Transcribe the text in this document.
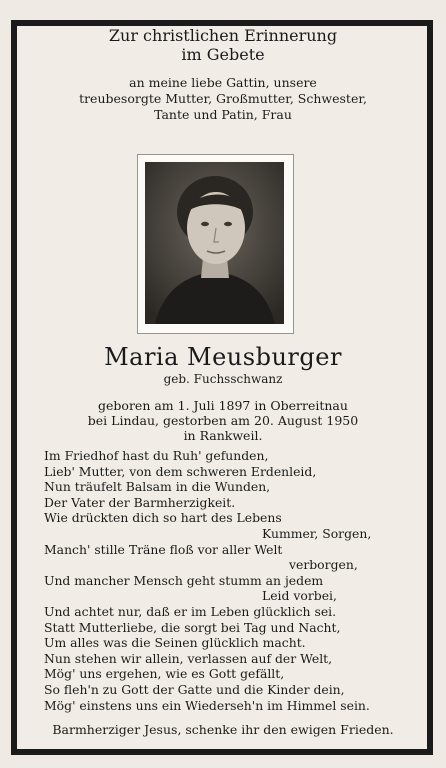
Zur christlichen Erinnerung
im Gebete
an meine liebe Gattin, unsere
treubesorgte Mutter, Großmutter, Schwester,
Tante und Patin, Frau
Maria Meusburger
geb. Fuchsschwanz
geboren am 1. Juli 1897 in Oberreitnau
bei Lindau, gestorben am 20. August 1950
in Rankweil.
Im Friedhof hast du Ruh' gefunden,
Lieb' Mutter, von dem schweren Erdenleid,
Nun träufelt Balsam in die Wunden,
Der Vater der Barmherzigkeit.
Wie drückten dich so hart des Lebens
Kummer, Sorgen,
Manch' stille Träne floß vor aller Welt
verborgen,
Und mancher Mensch geht stumm an jedem
Leid vorbei,
Und achtet nur, daß er im Leben glücklich sei.
Statt Mutterliebe, die sorgt bei Tag und Nacht,
Um alles was die Seinen glücklich macht.
Nun stehen wir allein, verlassen auf der Welt,
Mög' uns ergehen, wie es Gott gefällt,
So fleh'n zu Gott der Gatte und die Kinder dein,
Mög' einstens uns ein Wiederseh'n im Himmel sein.
Barmherziger Jesus, schenke ihr den ewigen Frieden.
